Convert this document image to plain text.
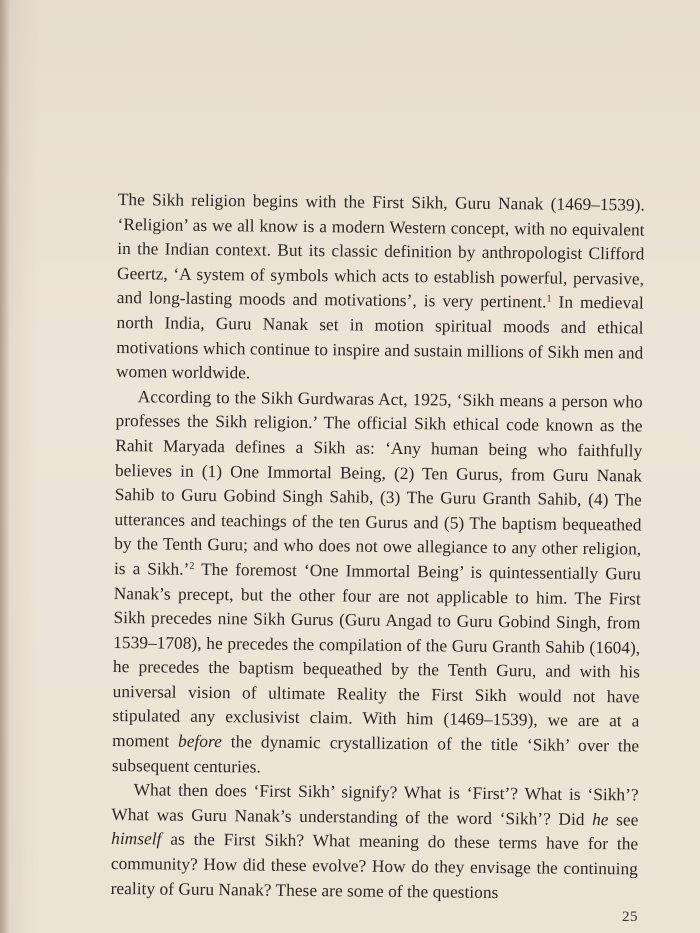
The Sikh religion begins with the First Sikh, Guru Nanak (1469–1539). ‘Religion’ as we all know is a modern Western concept, with no equivalent in the Indian context. But its classic definition by anthropologist Clifford Geertz, ‘A system of symbols which acts to establish powerful, pervasive, and long-lasting moods and motivations’, is very pertinent.$^1$ In medieval north India, Guru Nanak set in motion spiritual moods and ethical motivations which continue to inspire and sustain millions of Sikh men and women worldwide.

According to the Sikh Gurdwaras Act, 1925, ‘Sikh means a person who professes the Sikh religion.’ The official Sikh ethical code known as the Rahit Maryada defines a Sikh as: ‘Any human being who faithfully believes in (1) One Immortal Being, (2) Ten Gurus, from Guru Nanak Sahib to Guru Gobind Singh Sahib, (3) The Guru Granth Sahib, (4) The utterances and teachings of the ten Gurus and (5) The baptism bequeathed by the Tenth Guru; and who does not owe allegiance to any other religion, is a Sikh.’$^2$ The foremost ‘One Immortal Being’ is quintessentially Guru Nanak’s precept, but the other four are not applicable to him. The First Sikh precedes nine Sikh Gurus (Guru Angad to Guru Gobind Singh, from 1539–1708), he precedes the compilation of the Guru Granth Sahib (1604), he precedes the baptism bequeathed by the Tenth Guru, and with his universal vision of ultimate Reality the First Sikh would not have stipulated any exclusivist claim. With him (1469–1539), we are at a moment before the dynamic crystallization of the title ‘Sikh’ over the subsequent centuries.

What then does ‘First Sikh’ signify? What is ‘First’? What is ‘Sikh’? What was Guru Nanak’s understanding of the word ‘Sikh’? Did he see himself as the First Sikh? What meaning do these terms have for the community? How did these evolve? How do they envisage the continuing reality of Guru Nanak? These are some of the questions

25
